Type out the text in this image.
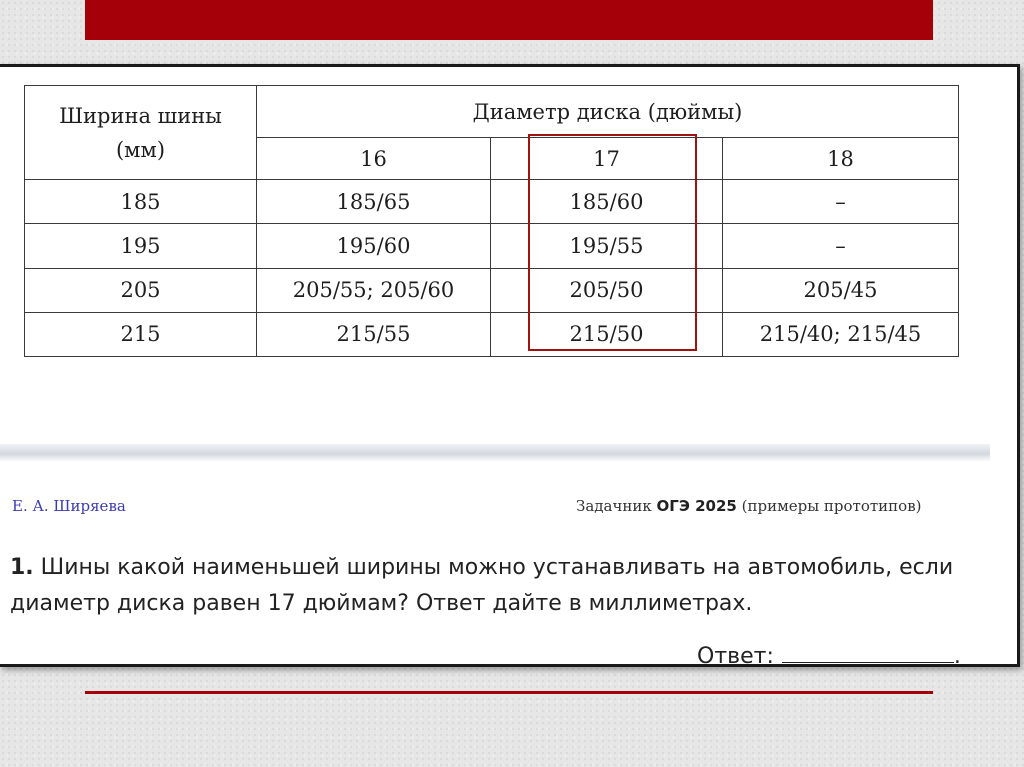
Ширина шины (мм)	Диаметр диска (дюймы)		
	16	17	18
185	185/65	185/60	–
195	195/60	195/55	–
205	205/55; 205/60	205/50	205/45
215	215/55	215/50	215/40; 215/45
Е. А. Ширяева	Задачник ОГЭ 2025 (примеры прототипов)
1. Шины какой наименьшей ширины можно устанавливать на автомобиль, если диаметр диска равен 17 дюймам? Ответ дайте в миллиметрах.
Ответ:	.
